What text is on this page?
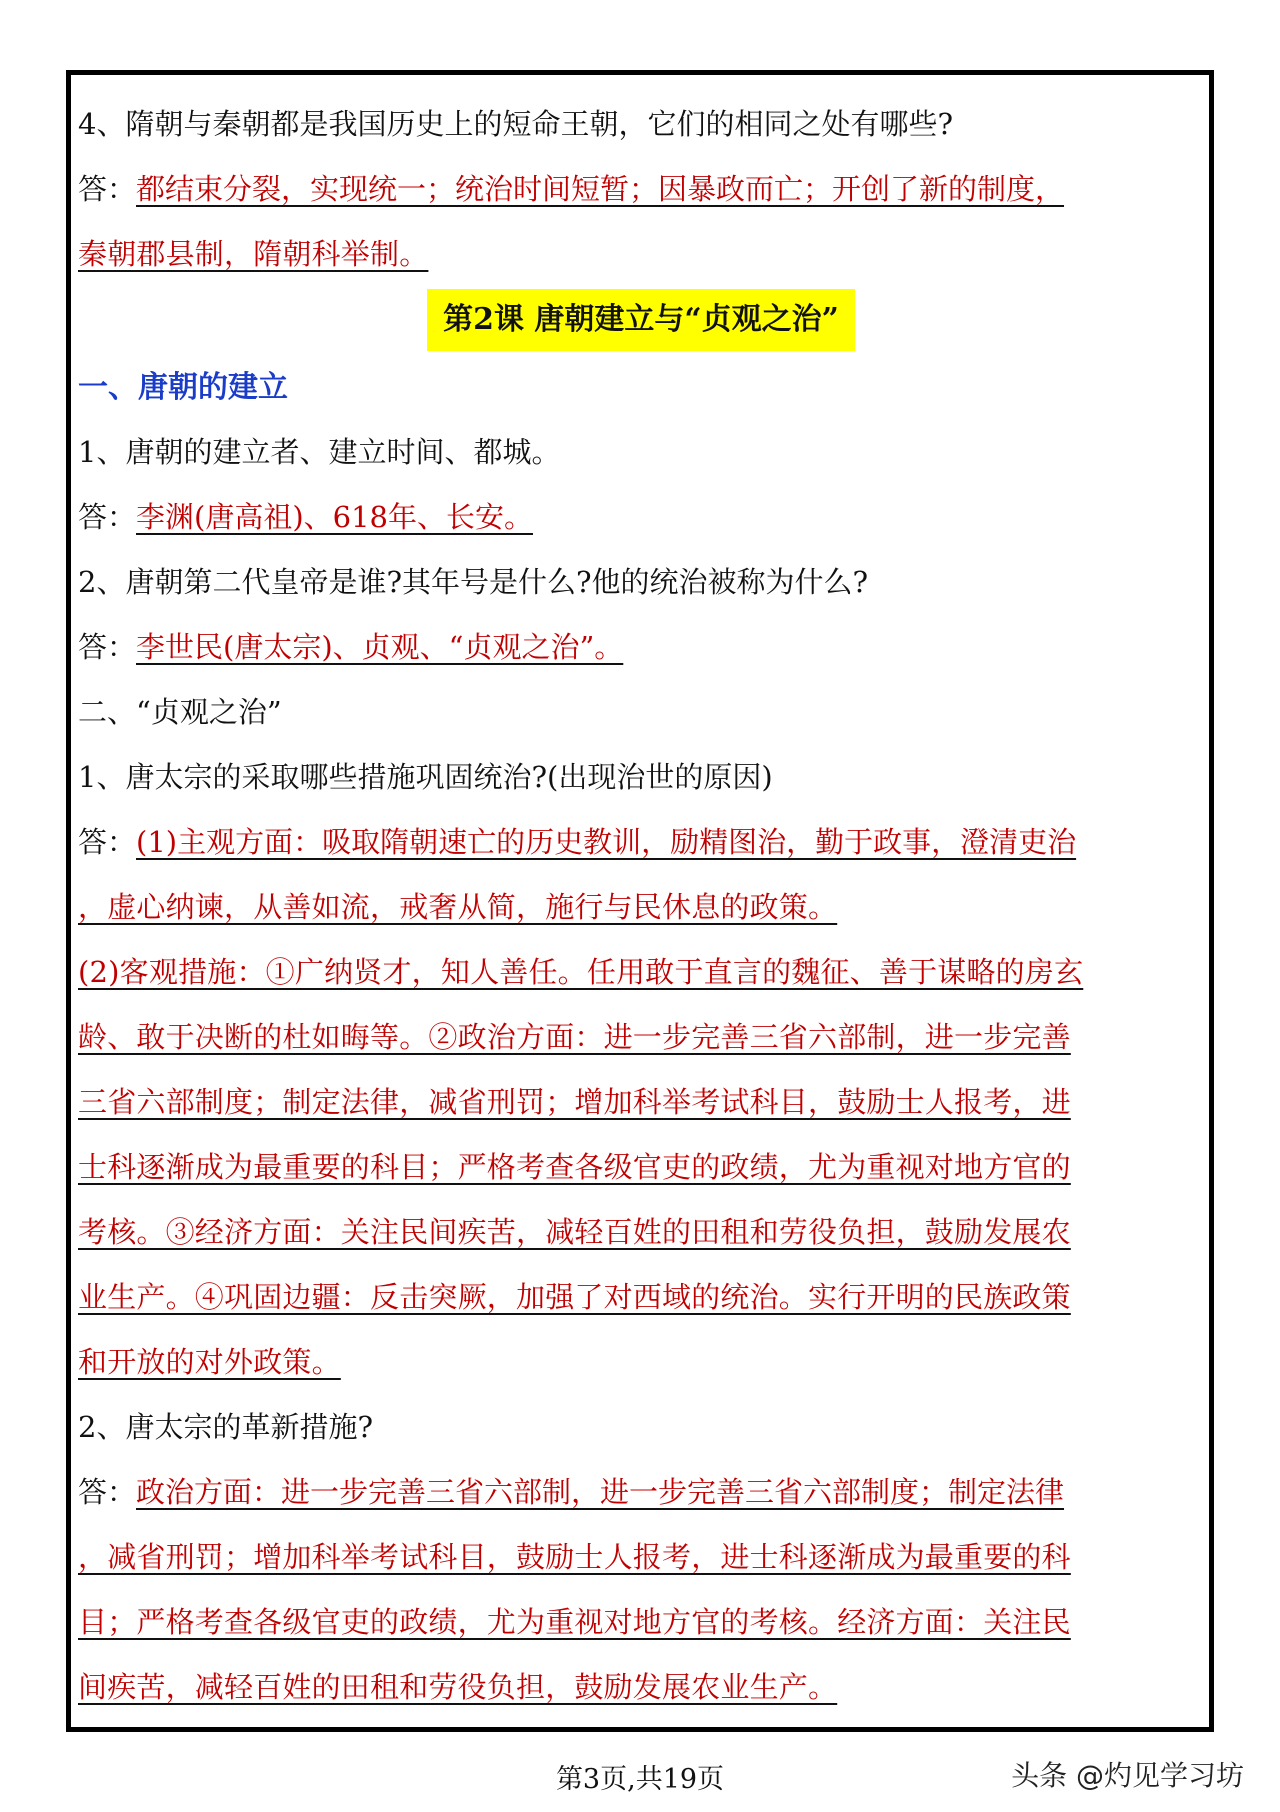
4、隋朝与秦朝都是我国历史上的短命王朝，它们的相同之处有哪些?
答：都结束分裂，实现统一；统治时间短暂；因暴政而亡；开创了新的制度，
秦朝郡县制，隋朝科举制。
第2课 唐朝建立与“贞观之治”
一、唐朝的建立
1、唐朝的建立者、建立时间、都城。
答：李渊(唐高祖)、618年、长安。
2、唐朝第二代皇帝是谁?其年号是什么?他的统治被称为什么?
答：李世民(唐太宗)、贞观、“贞观之治”。
二、“贞观之治”
1、唐太宗的采取哪些措施巩固统治?(出现治世的原因)
答：(1)主观方面：吸取隋朝速亡的历史教训，励精图治，勤于政事，澄清吏治
，虚心纳谏，从善如流，戒奢从简，施行与民休息的政策。
(2)客观措施：①广纳贤才，知人善任。任用敢于直言的魏征、善于谋略的房玄
龄、敢于决断的杜如晦等。②政治方面：进一步完善三省六部制，进一步完善
三省六部制度；制定法律，减省刑罚；增加科举考试科目，鼓励士人报考，进
士科逐渐成为最重要的科目；严格考查各级官吏的政绩，尤为重视对地方官的
考核。③经济方面：关注民间疾苦，减轻百姓的田租和劳役负担，鼓励发展农
业生产。④巩固边疆：反击突厥，加强了对西域的统治。实行开明的民族政策
和开放的对外政策。
2、唐太宗的革新措施?
答：政治方面：进一步完善三省六部制，进一步完善三省六部制度；制定法律
，减省刑罚；增加科举考试科目，鼓励士人报考，进士科逐渐成为最重要的科
目；严格考查各级官吏的政绩，尤为重视对地方官的考核。经济方面：关注民
间疾苦，减轻百姓的田租和劳役负担，鼓励发展农业生产。
第3页,共19页	头条 @灼见学习坊
